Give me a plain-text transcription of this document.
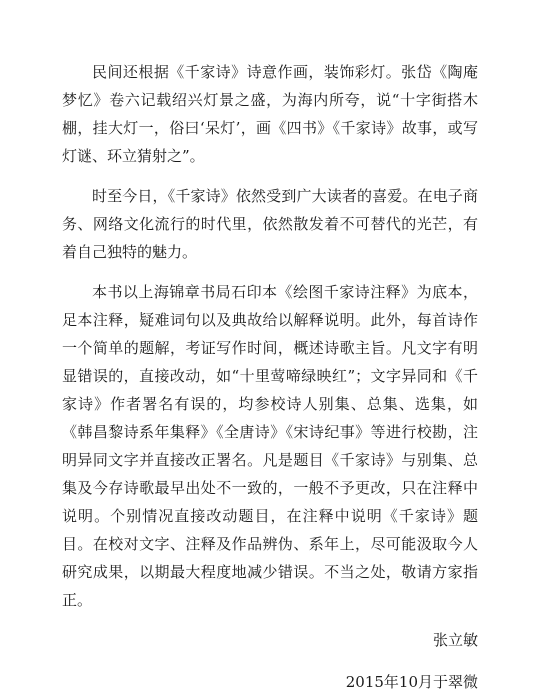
民间还根据《千家诗》诗意作画，装饰彩灯。张岱《陶庵梦忆》卷六记载绍兴灯景之盛，为海内所夸，说“十字街搭木棚，挂大灯一，俗曰‘呆灯’，画《四书》《千家诗》故事，或写灯谜、环立猜射之”。

时至今日，《千家诗》依然受到广大读者的喜爱。在电子商务、网络文化流行的时代里，依然散发着不可替代的光芒，有着自己独特的魅力。

本书以上海锦章书局石印本《绘图千家诗注释》为底本，足本注释，疑难词句以及典故给以解释说明。此外，每首诗作一个简单的题解，考证写作时间，概述诗歌主旨。凡文字有明显错误的，直接改动，如“十里莺啼绿映红”；文字异同和《千家诗》作者署名有误的，均参校诗人别集、总集、选集，如《韩昌黎诗系年集释》《全唐诗》《宋诗纪事》等进行校勘，注明异同文字并直接改正署名。凡是题目《千家诗》与别集、总集及今存诗歌最早出处不一致的，一般不予更改，只在注释中说明。个别情况直接改动题目，在注释中说明《千家诗》题目。在校对文字、注释及作品辨伪、系年上，尽可能汲取今人研究成果，以期最大程度地减少错误。不当之处，敬请方家指正。

张立敏

2015年10月于翠微
